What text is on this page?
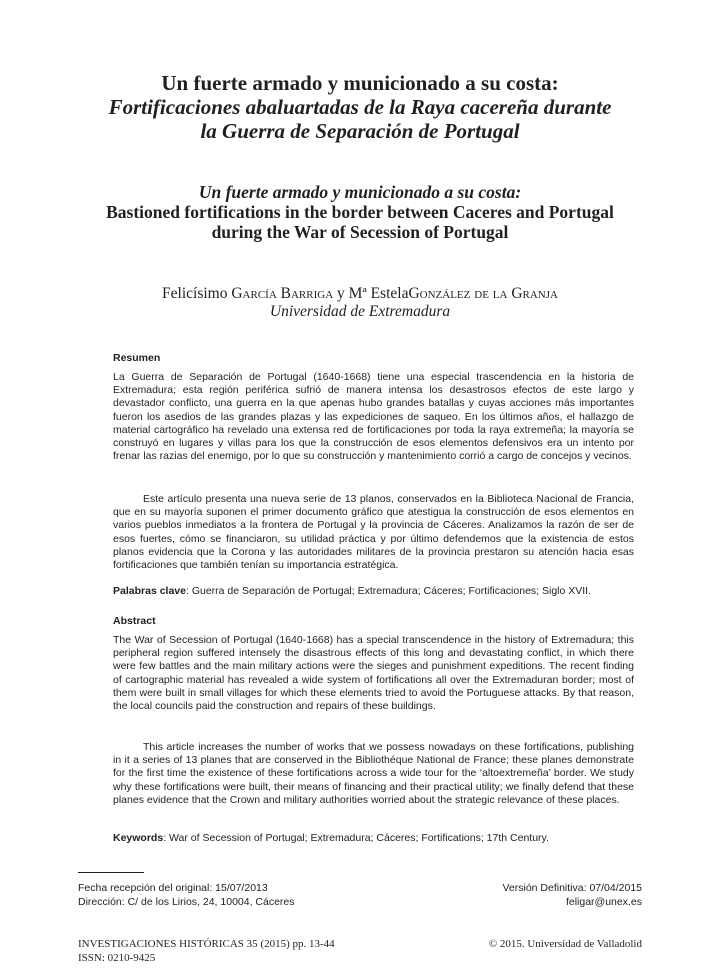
Un fuerte armado y municionado a su costa:
Fortificaciones abaluartadas de la Raya cacereña durante
la Guerra de Separación de Portugal
Un fuerte armado y municionado a su costa:
Bastioned fortifications in the border between Caceres and Portugal
during the War of Secession of Portugal
Felicísimo García Barriga y Mª EstelaGonzález de la Granja
Universidad de Extremadura
Resumen
La Guerra de Separación de Portugal (1640-1668) tiene una especial trascendencia en la historia de Extremadura; esta región periférica sufrió de manera intensa los desastrosos efectos de este largo y devastador conflicto, una guerra en la que apenas hubo grandes batallas y cuyas acciones más importantes fueron los asedios de las grandes plazas y las expediciones de saqueo. En los últimos años, el hallazgo de material cartográfico ha revelado una extensa red de fortificaciones por toda la raya extremeña; la mayoría se construyó en lugares y villas para los que la construcción de esos elementos defensivos era un intento por frenar las razias del enemigo, por lo que su construcción y mantenimiento corrió a cargo de concejos y vecinos.
Este artículo presenta una nueva serie de 13 planos, conservados en la Biblioteca Nacional de Francia, que en su mayoría suponen el primer documento gráfico que atestigua la construcción de esos elementos en varios pueblos inmediatos a la frontera de Portugal y la provincia de Cáceres. Analizamos la razón de ser de esos fuertes, cómo se financiaron, su utilidad práctica y por último defendemos que la existencia de estos planos evidencia que la Corona y las autoridades militares de la provincia prestaron su atención hacia esas fortificaciones que también tenían su importancia estratégica.
Palabras clave: Guerra de Separación de Portugal; Extremadura; Cáceres; Fortificaciones; Siglo XVII.
Abstract
The War of Secession of Portugal (1640-1668) has a special transcendence in the history of Extremadura; this peripheral region suffered intensely the disastrous effects of this long and devastating conflict, in which there were few battles and the main military actions were the sieges and punishment expeditions. The recent finding of cartographic material has revealed a wide system of fortifications all over the Extremaduran border; most of them were built in small villages for which these elements tried to avoid the Portuguese attacks. By that reason, the local councils paid the construction and repairs of these buildings.
This article increases the number of works that we possess nowadays on these fortifications, publishing in it a series of 13 planes that are conserved in the Bibliothéque National de France; these planes demonstrate for the first time the existence of these fortifications across a wide tour for the ‘altoextremeña’ border. We study why these fortifications were built, their means of financing and their practical utility; we finally defend that these planes evidence that the Crown and military authorities worried about the strategic relevance of these places.
Keywords: War of Secession of Portugal; Extremadura; Cáceres; Fortifications; 17th Century.
Fecha recepción del original: 15/07/2013
Dirección: C/ de los Lirios, 24, 10004, Cáceres
Versión Definitiva: 07/04/2015
feligar@unex.es
INVESTIGACIONES HISTÓRICAS 35 (2015) pp. 13-44
ISSN: 0210-9425
© 2015. Universidad de Valladolid
